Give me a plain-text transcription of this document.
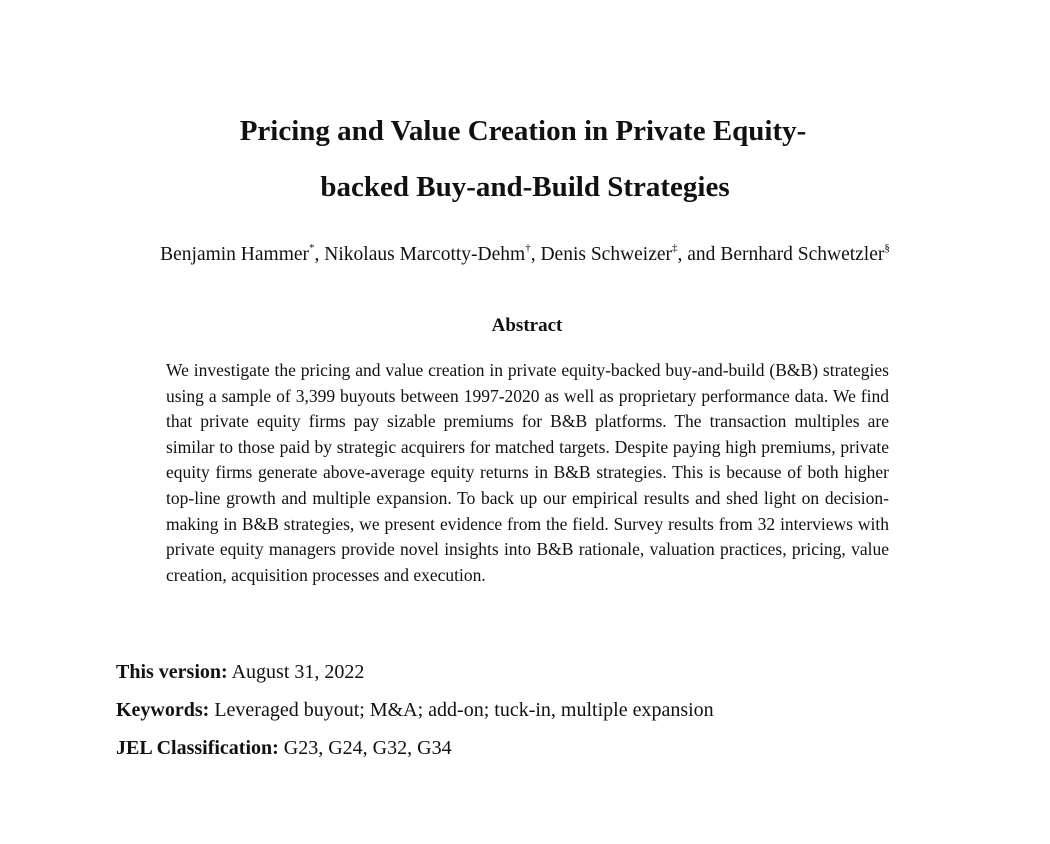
Pricing and Value Creation in Private Equity-
backed Buy-and-Build Strategies
Benjamin Hammer*, Nikolaus Marcotty-Dehm†, Denis Schweizer‡, and Bernhard Schwetzler§
Abstract

We investigate the pricing and value creation in private equity-backed buy-and-build (B&B) strategies using a sample of 3,399 buyouts between 1997-2020 as well as proprietary performance data. We find that private equity firms pay sizable premiums for B&B platforms. The transaction multiples are similar to those paid by strategic acquirers for matched targets. Despite paying high premiums, private equity firms generate above-average equity returns in B&B strategies. This is because of both higher top-line growth and multiple expansion. To back up our empirical results and shed light on decision-making in B&B strategies, we present evidence from the field. Survey results from 32 interviews with private equity managers provide novel insights into B&B rationale, valuation practices, pricing, value creation, acquisition processes and execution.

This version: August 31, 2022
Keywords: Leveraged buyout; M&A; add-on; tuck-in, multiple expansion
JEL Classification: G23, G24, G32, G34
